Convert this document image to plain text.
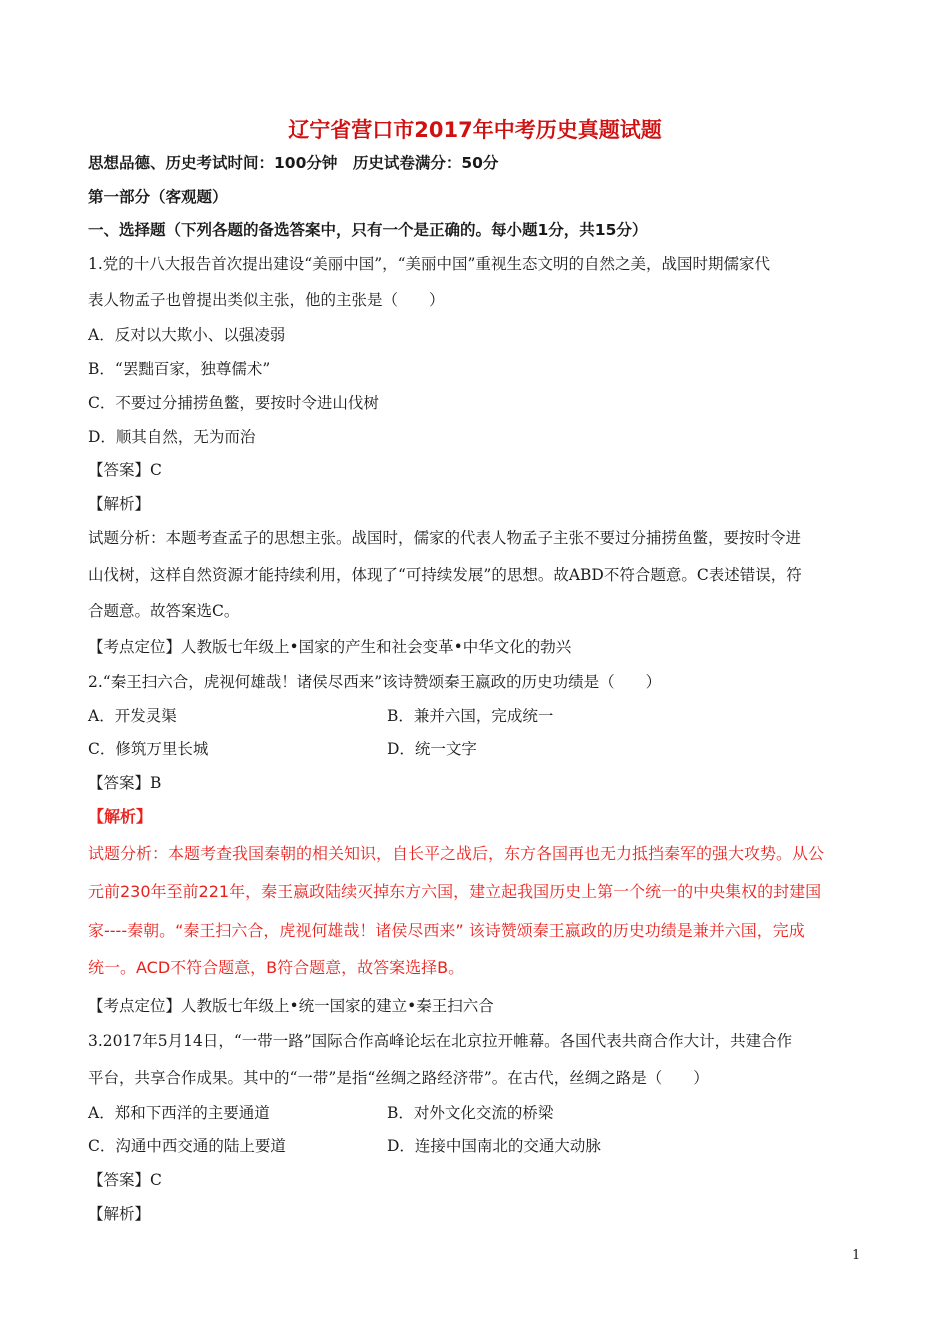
辽宁省营口市2017年中考历史真题试题
思想品德、历史考试时间：100分钟　历史试卷满分：50分
第一部分（客观题）
一、选择题（下列各题的备选答案中，只有一个是正确的。每小题1分，共15分）
1.党的十八大报告首次提出建设“美丽中国”，“美丽中国”重视生态文明的自然之美，战国时期儒家代
表人物孟子也曾提出类似主张，他的主张是（　　）
A．反对以大欺小、以强凌弱
B．“罢黜百家，独尊儒术”
C．不要过分捕捞鱼鳖，要按时令进山伐树
D．顺其自然，无为而治
【答案】C
【解析】
试题分析：本题考查孟子的思想主张。战国时，儒家的代表人物孟子主张不要过分捕捞鱼鳖，要按时令进
山伐树，这样自然资源才能持续利用，体现了“可持续发展”的思想。故ABD不符合题意。C表述错误，符
合题意。故答案选C。
【考点定位】人教版七年级上•国家的产生和社会变革•中华文化的勃兴
2.“秦王扫六合，虎视何雄哉！诸侯尽西来”该诗赞颂秦王嬴政的历史功绩是（　　）
A．开发灵渠	B．兼并六国，完成统一
C．修筑万里长城	D．统一文字
【答案】B
【解析】
试题分析：本题考查我国秦朝的相关知识，自长平之战后，东方各国再也无力抵挡秦军的强大攻势。从公
元前230年至前221年，秦王嬴政陆续灭掉东方六国，建立起我国历史上第一个统一的中央集权的封建国
家----秦朝。“秦王扫六合，虎视何雄哉！诸侯尽西来” 该诗赞颂秦王嬴政的历史功绩是兼并六国，完成
统一。ACD不符合题意，B符合题意，故答案选择B。
【考点定位】人教版七年级上•统一国家的建立•秦王扫六合
3.2017年5月14日，“一带一路”国际合作高峰论坛在北京拉开帷幕。各国代表共商合作大计，共建合作
平台，共享合作成果。其中的“一带”是指“丝绸之路经济带”。在古代，丝绸之路是（　　）
A．郑和下西洋的主要通道	B．对外文化交流的桥梁
C．沟通中西交通的陆上要道	D．连接中国南北的交通大动脉
【答案】C
【解析】
1
